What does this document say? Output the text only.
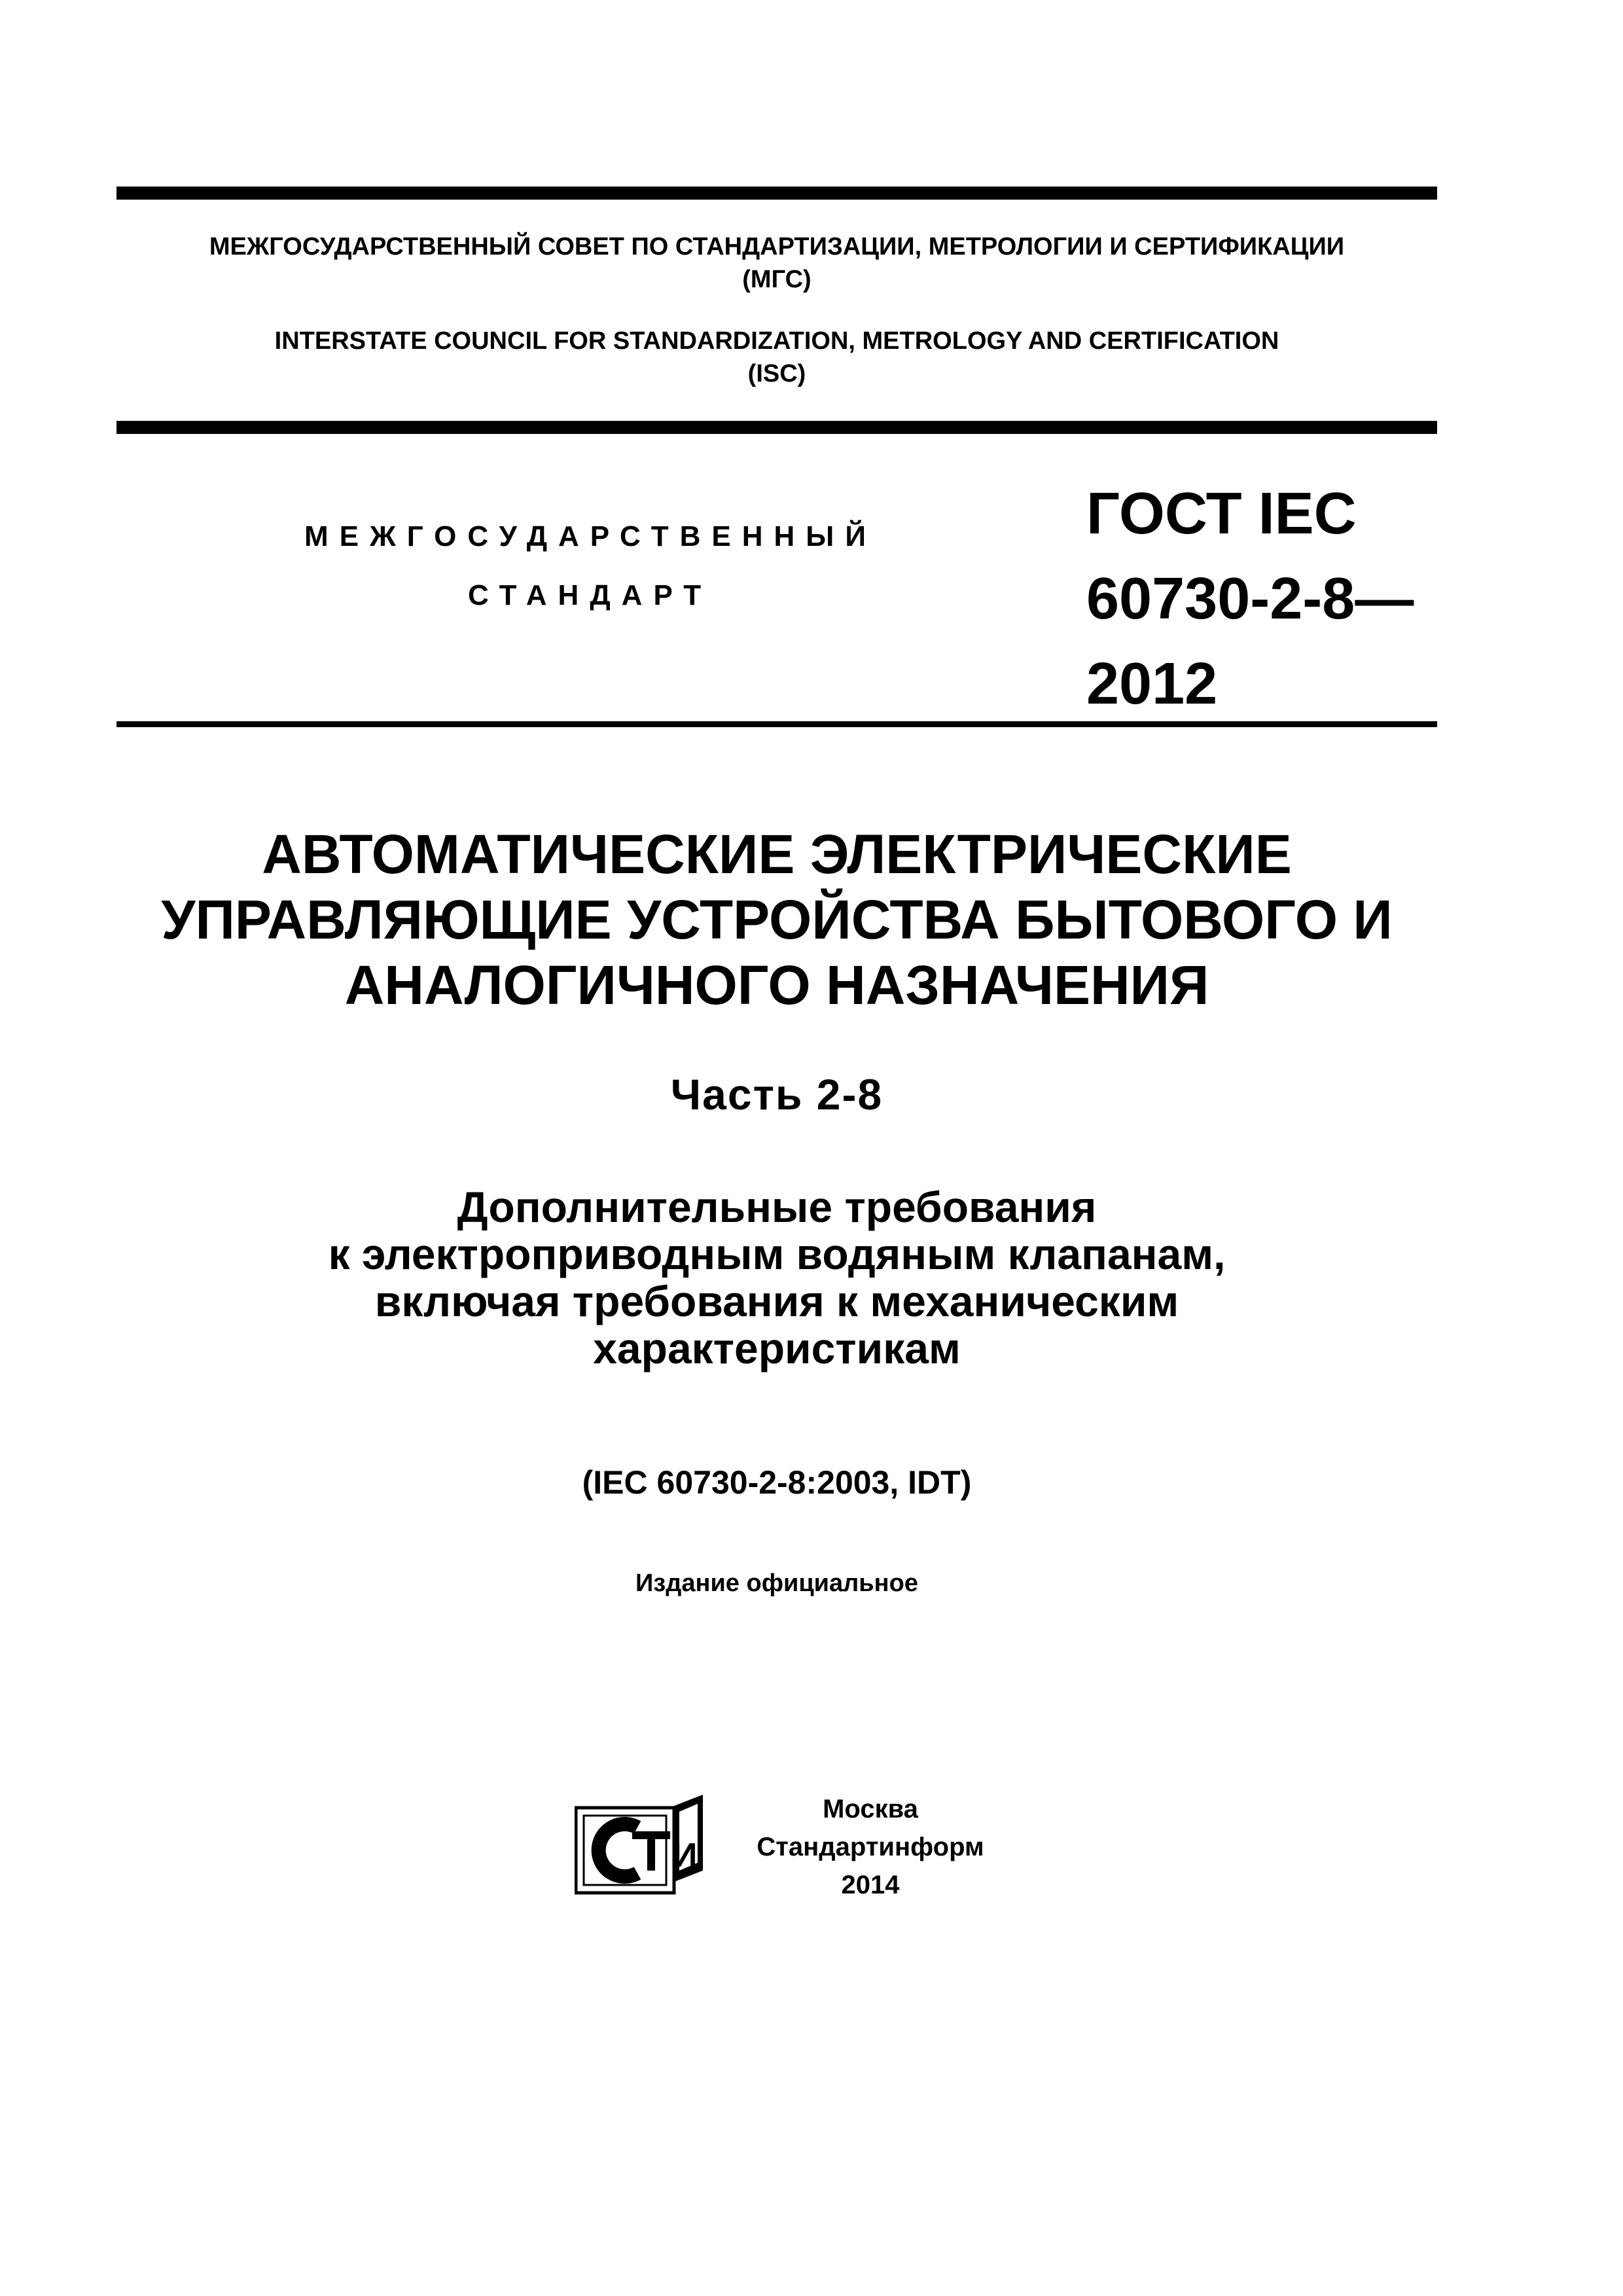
МЕЖГОСУДАРСТВЕННЫЙ СОВЕТ ПО СТАНДАРТИЗАЦИИ, МЕТРОЛОГИИ И СЕРТИФИКАЦИИ
(МГС)
INTERSTATE COUNCIL FOR STANDARDIZATION, METROLOGY AND CERTIFICATION
(ISC)
МЕЖГОСУДАРСТВЕННЫЙ
СТАНДАРТ
ГОСТ IEC
60730-2-8—
2012
АВТОМАТИЧЕСКИЕ ЭЛЕКТРИЧЕСКИЕ
УПРАВЛЯЮЩИЕ УСТРОЙСТВА БЫТОВОГО И
АНАЛОГИЧНОГО НАЗНАЧЕНИЯ
Часть 2-8
Дополнительные требования
к электроприводным водяным клапанам,
включая требования к механическим
характеристикам
(IEC 60730-2-8:2003, IDT)
Издание официальное
И
Москва
Стандартинформ
2014
